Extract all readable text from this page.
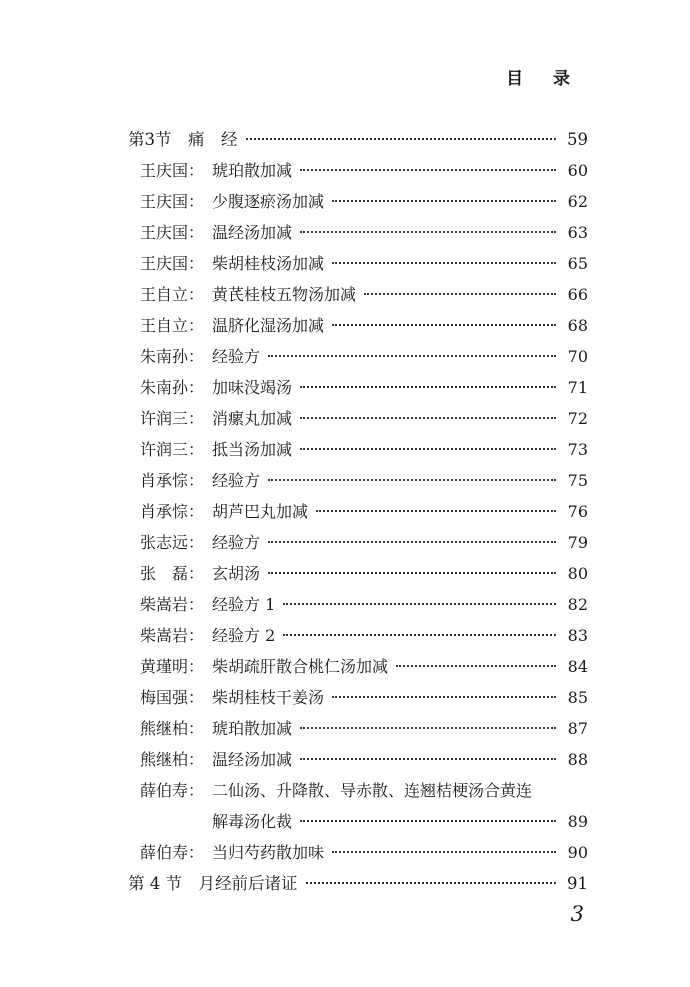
目 录
第3节　痛　经	59
王庆国： 琥珀散加减	60
王庆国： 少腹逐瘀汤加减	62
王庆国： 温经汤加减	63
王庆国： 柴胡桂枝汤加减	65
王自立： 黄芪桂枝五物汤加减	66
王自立： 温脐化湿汤加减	68
朱南孙： 经验方	70
朱南孙： 加味没竭汤	71
许润三： 消瘰丸加减	72
许润三： 抵当汤加减	73
肖承悰： 经验方	75
肖承悰： 胡芦巴丸加减	76
张志远： 经验方	79
张　磊： 玄胡汤	80
柴嵩岩： 经验方 1	82
柴嵩岩： 经验方 2	83
黄瑾明： 柴胡疏肝散合桃仁汤加减	84
梅国强： 柴胡桂枝干姜汤	85
熊继柏： 琥珀散加减	87
熊继柏： 温经汤加减	88
薛伯寿： 二仙汤、升降散、导赤散、连翘桔梗汤合黄连
解毒汤化裁	89
薛伯寿： 当归芍药散加味	90
第 4 节　月经前后诸证	91
3
